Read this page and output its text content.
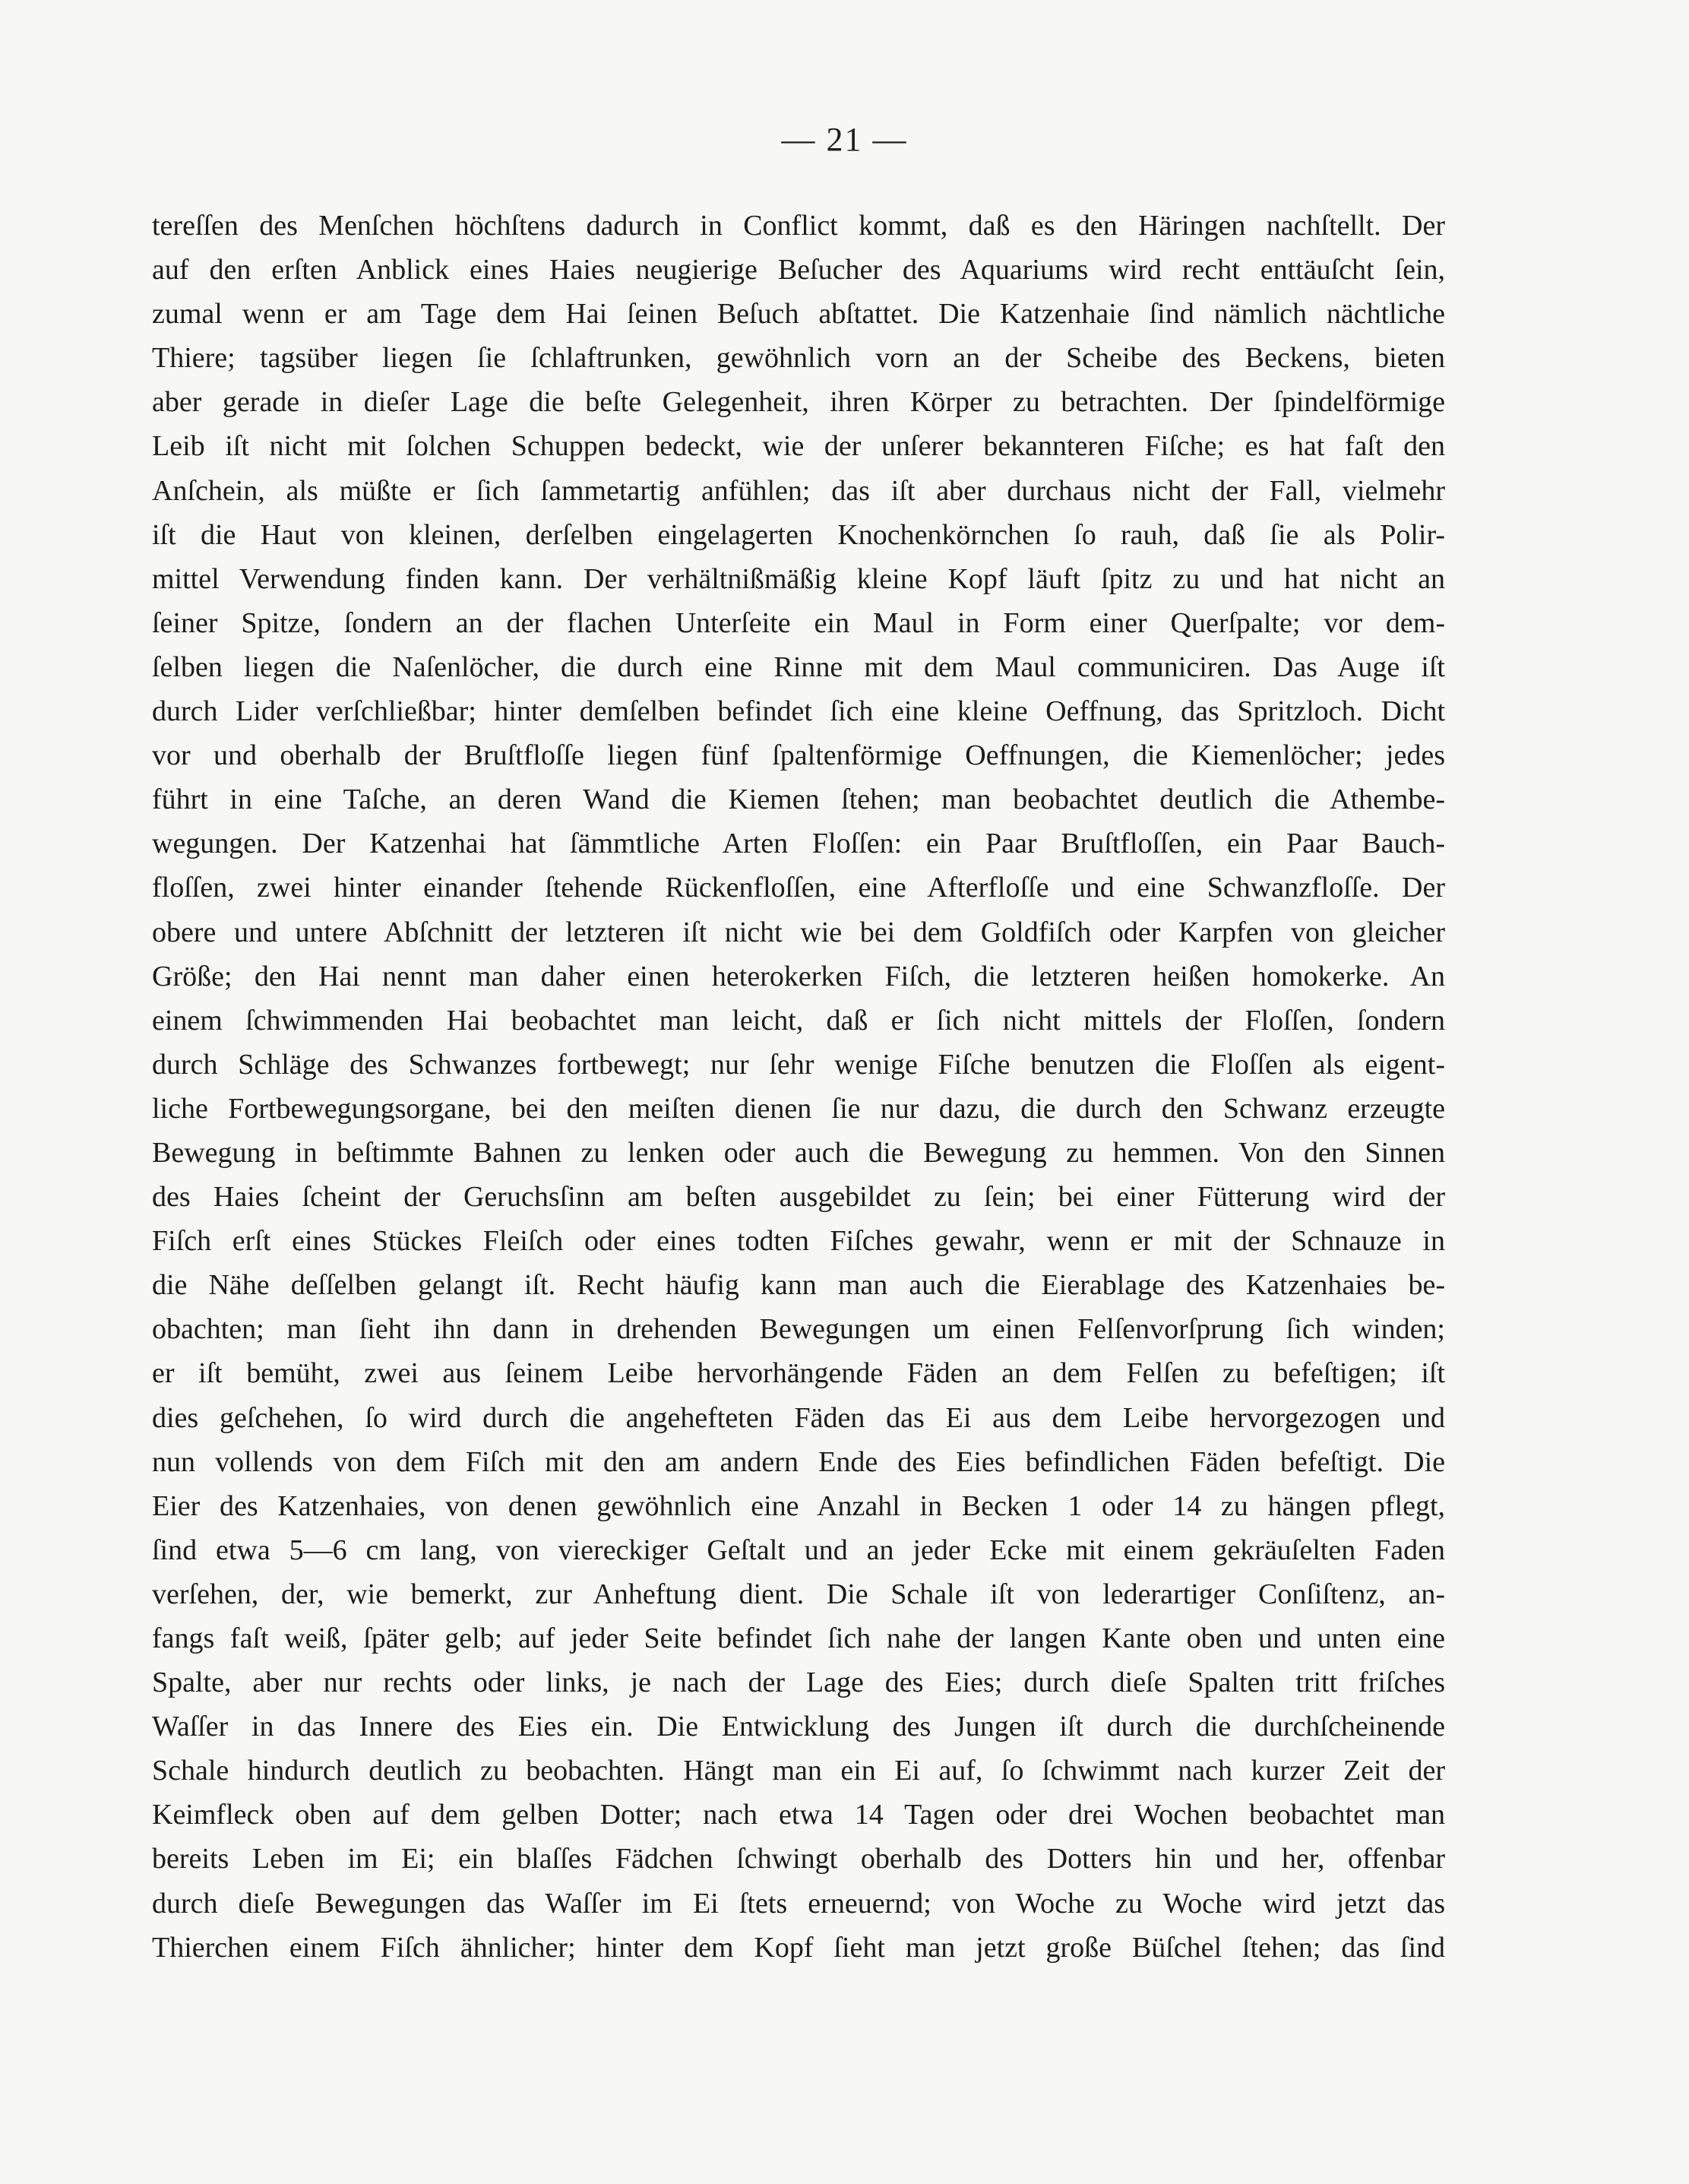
— 21 —
tereſſen des Menſchen höchſtens dadurch in Conflict kommt, daß es den Häringen nachſtellt. Der
auf den erſten Anblick eines Haies neugierige Beſucher des Aquariums wird recht enttäuſcht ſein,
zumal wenn er am Tage dem Hai ſeinen Beſuch abſtattet. Die Katzenhaie ſind nämlich nächtliche
Thiere; tagsüber liegen ſie ſchlaftrunken, gewöhnlich vorn an der Scheibe des Beckens, bieten
aber gerade in dieſer Lage die beſte Gelegenheit, ihren Körper zu betrachten. Der ſpindelförmige
Leib iſt nicht mit ſolchen Schuppen bedeckt, wie der unſerer bekannteren Fiſche; es hat faſt den
Anſchein, als müßte er ſich ſammetartig anfühlen; das iſt aber durchaus nicht der Fall, vielmehr
iſt die Haut von kleinen, derſelben eingelagerten Knochenkörnchen ſo rauh, daß ſie als Polir-
mittel Verwendung finden kann. Der verhältnißmäßig kleine Kopf läuft ſpitz zu und hat nicht an
ſeiner Spitze, ſondern an der flachen Unterſeite ein Maul in Form einer Querſpalte; vor dem-
ſelben liegen die Naſenlöcher, die durch eine Rinne mit dem Maul communiciren. Das Auge iſt
durch Lider verſchließbar; hinter demſelben befindet ſich eine kleine Oeffnung, das Spritzloch. Dicht
vor und oberhalb der Bruſtfloſſe liegen fünf ſpaltenförmige Oeffnungen, die Kiemenlöcher; jedes
führt in eine Taſche, an deren Wand die Kiemen ſtehen; man beobachtet deutlich die Athembe-
wegungen. Der Katzenhai hat ſämmtliche Arten Floſſen: ein Paar Bruſtfloſſen, ein Paar Bauch-
floſſen, zwei hinter einander ſtehende Rückenfloſſen, eine Afterfloſſe und eine Schwanzfloſſe. Der
obere und untere Abſchnitt der letzteren iſt nicht wie bei dem Goldfiſch oder Karpfen von gleicher
Größe; den Hai nennt man daher einen heterokerken Fiſch, die letzteren heißen homokerke. An
einem ſchwimmenden Hai beobachtet man leicht, daß er ſich nicht mittels der Floſſen, ſondern
durch Schläge des Schwanzes fortbewegt; nur ſehr wenige Fiſche benutzen die Floſſen als eigent-
liche Fortbewegungsorgane, bei den meiſten dienen ſie nur dazu, die durch den Schwanz erzeugte
Bewegung in beſtimmte Bahnen zu lenken oder auch die Bewegung zu hemmen. Von den Sinnen
des Haies ſcheint der Geruchsſinn am beſten ausgebildet zu ſein; bei einer Fütterung wird der
Fiſch erſt eines Stückes Fleiſch oder eines todten Fiſches gewahr, wenn er mit der Schnauze in
die Nähe deſſelben gelangt iſt. Recht häufig kann man auch die Eierablage des Katzenhaies be-
obachten; man ſieht ihn dann in drehenden Bewegungen um einen Felſenvorſprung ſich winden;
er iſt bemüht, zwei aus ſeinem Leibe hervorhängende Fäden an dem Felſen zu befeſtigen; iſt
dies geſchehen, ſo wird durch die angehefteten Fäden das Ei aus dem Leibe hervorgezogen und
nun vollends von dem Fiſch mit den am andern Ende des Eies befindlichen Fäden befeſtigt. Die
Eier des Katzenhaies, von denen gewöhnlich eine Anzahl in Becken 1 oder 14 zu hängen pflegt,
ſind etwa 5—6 cm lang, von viereckiger Geſtalt und an jeder Ecke mit einem gekräuſelten Faden
verſehen, der, wie bemerkt, zur Anheftung dient. Die Schale iſt von lederartiger Conſiſtenz, an-
fangs faſt weiß, ſpäter gelb; auf jeder Seite befindet ſich nahe der langen Kante oben und unten eine
Spalte, aber nur rechts oder links, je nach der Lage des Eies; durch dieſe Spalten tritt friſches
Waſſer in das Innere des Eies ein. Die Entwicklung des Jungen iſt durch die durchſcheinende
Schale hindurch deutlich zu beobachten. Hängt man ein Ei auf, ſo ſchwimmt nach kurzer Zeit der
Keimfleck oben auf dem gelben Dotter; nach etwa 14 Tagen oder drei Wochen beobachtet man
bereits Leben im Ei; ein blaſſes Fädchen ſchwingt oberhalb des Dotters hin und her, offenbar
durch dieſe Bewegungen das Waſſer im Ei ſtets erneuernd; von Woche zu Woche wird jetzt das
Thierchen einem Fiſch ähnlicher; hinter dem Kopf ſieht man jetzt große Büſchel ſtehen; das ſind
